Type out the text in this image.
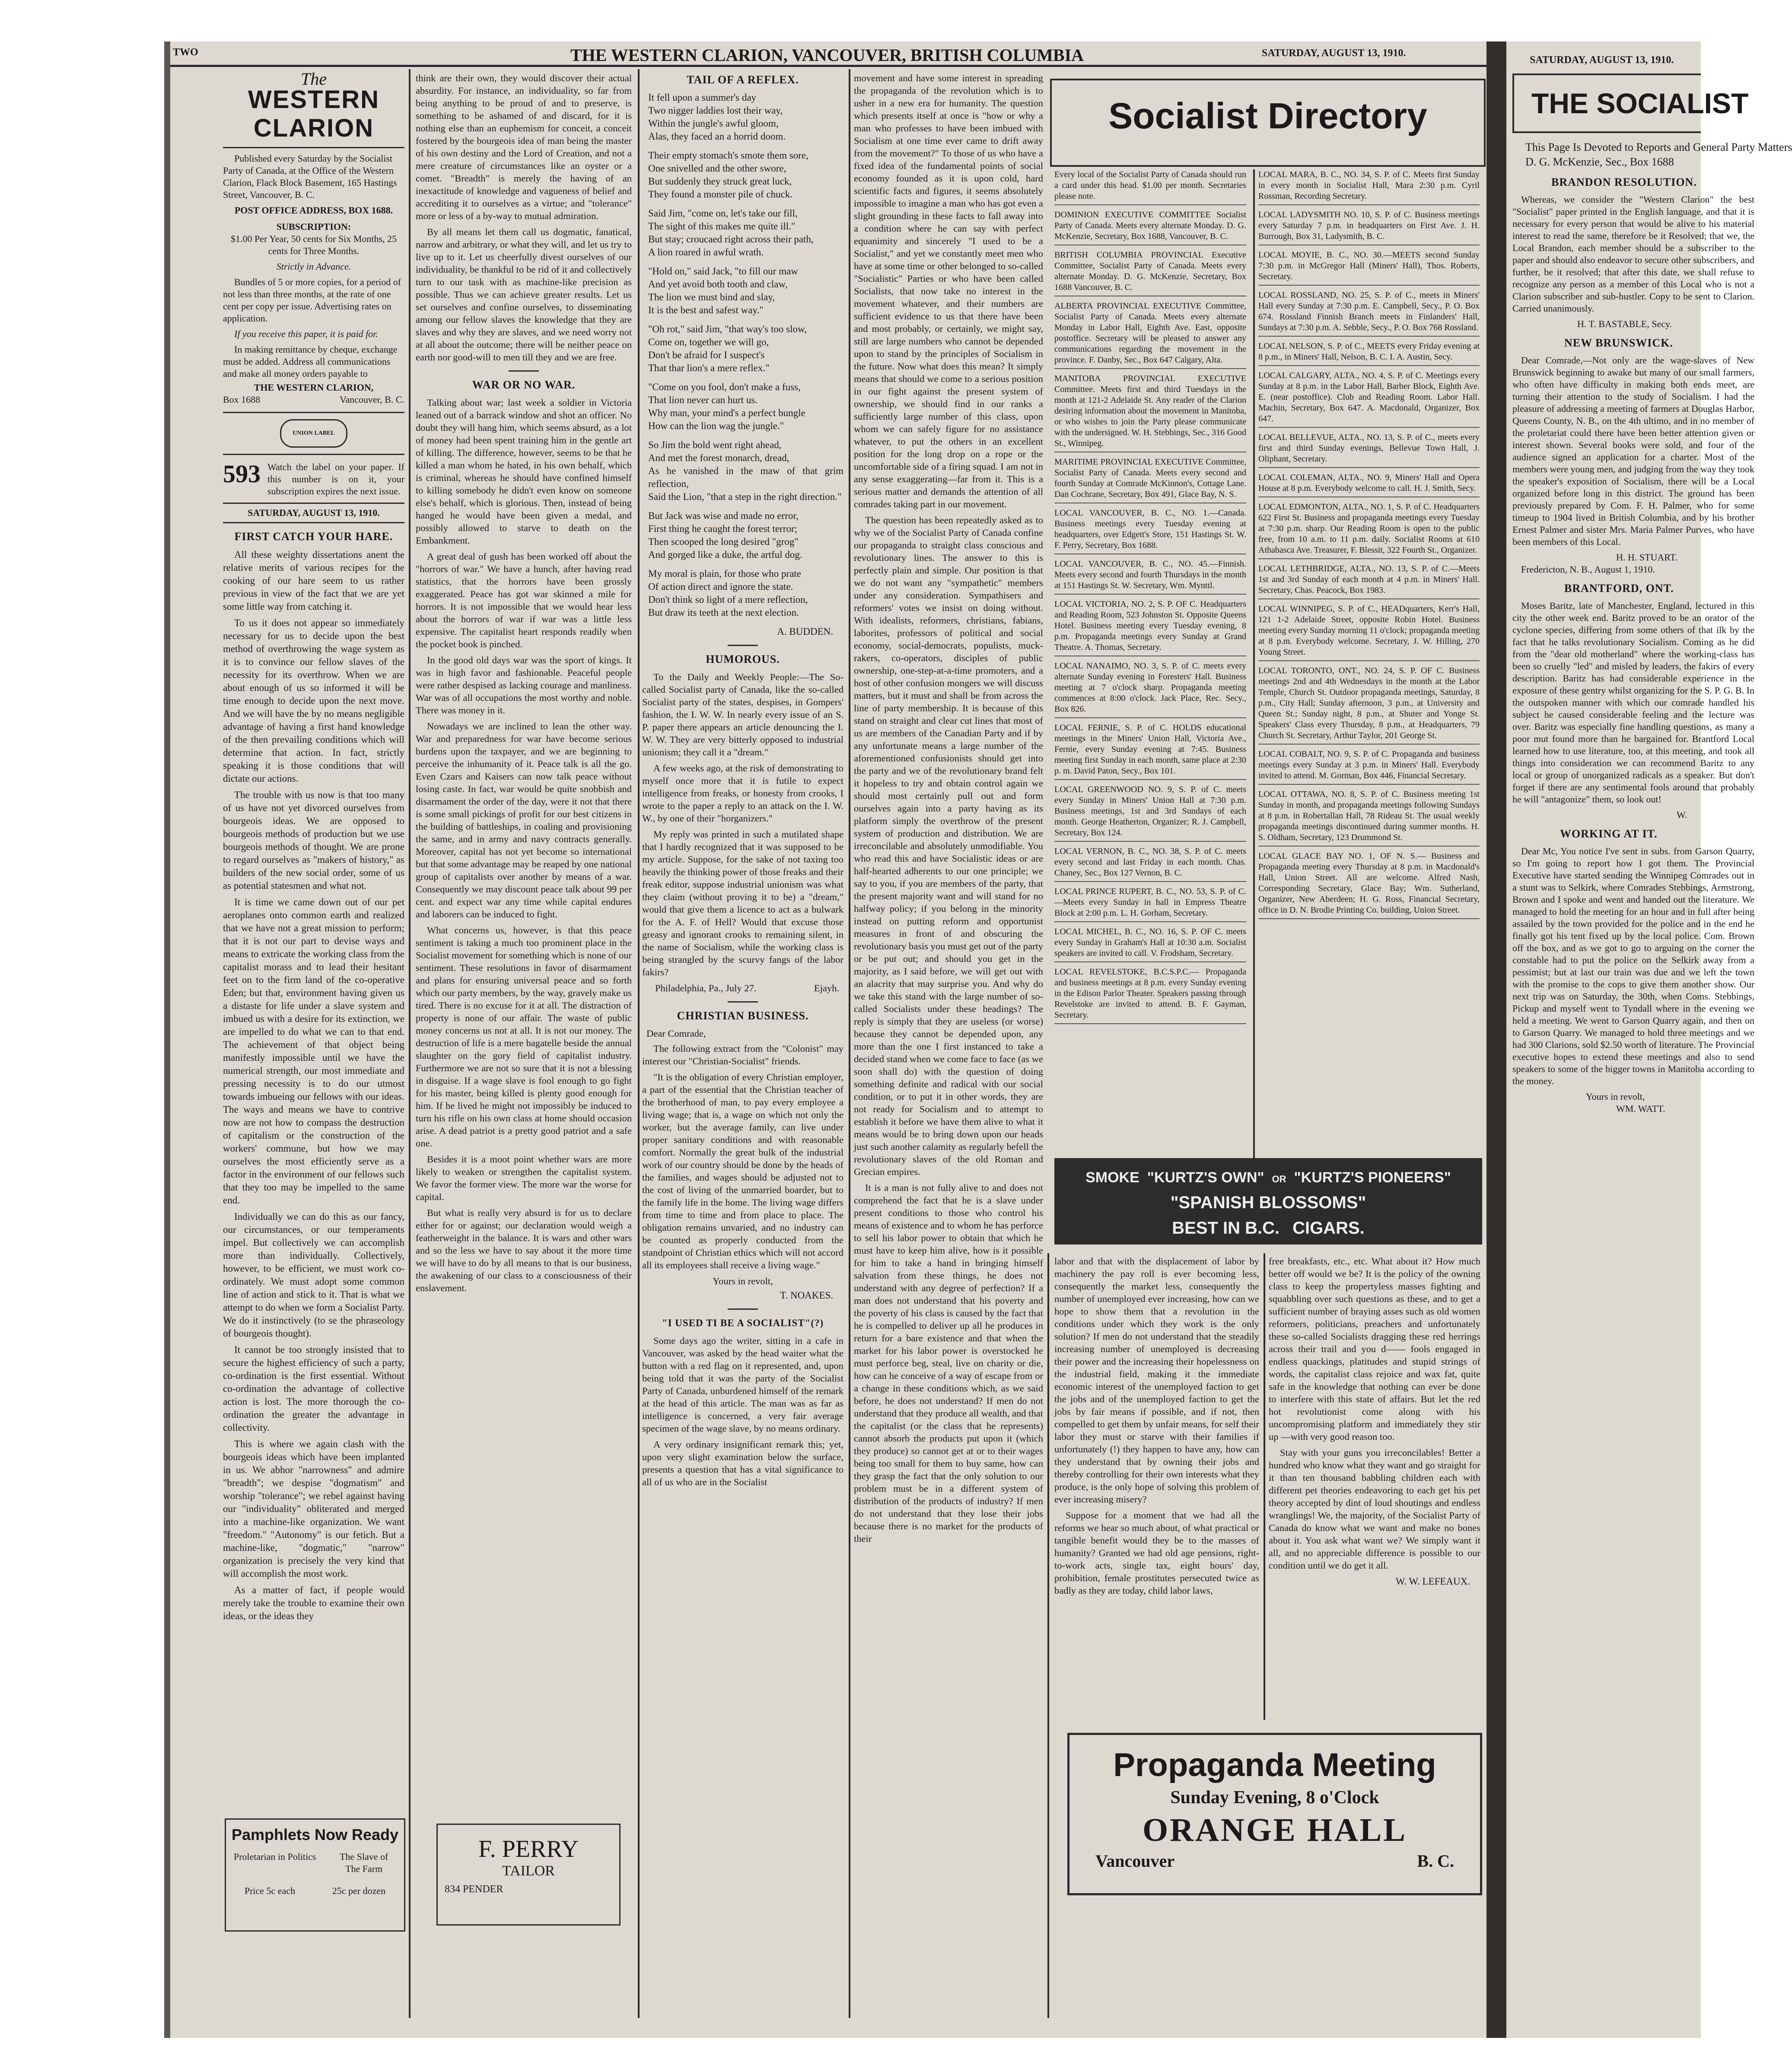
TWO	THE WESTERN CLARION, VANCOUVER, BRITISH COLUMBIA	SATURDAY, AUGUST 13, 1910.
SATURDAY, AUGUST 13, 1910.
The
WESTERN CLARION

Published every Saturday by the Socialist Party of Canada, at the Office of the Western Clarion, Flack Block Basement, 165 Hastings Street, Vancouver, B. C.

POST OFFICE ADDRESS, BOX 1688.
SUBSCRIPTION:
$1.00 Per Year, 50 cents for Six Months, 25 cents for Three Months.
Strictly in Advance.

Bundles of 5 or more copies, for a period of not less than three months, at the rate of one cent per copy per issue. Advertising rates on application.

If you receive this paper, it is paid for.

In making remittance by cheque, exchange must be added. Address all communications and make all money orders payable to

THE WESTERN CLARION,
Box 1688	Vancouver, B. C.
UNION LABEL
593 Watch the label on your paper. If this number is on it, your subscription expires the next issue.
SATURDAY, AUGUST 13, 1910.
FIRST CATCH YOUR HARE.

All these weighty dissertations anent the relative merits of various recipes for the cooking of our hare seem to us rather previous in view of the fact that we are yet some little way from catching it.

To us it does not appear so immediately necessary for us to decide upon the best method of overthrowing the wage system as it is to convince our fellow slaves of the necessity for its overthrow. When we are about enough of us so informed it will be time enough to decide upon the next move. And we will have the by no means negligible advantage of having a first hand knowledge of the then prevailing conditions which will determine that action. In fact, strictly speaking it is those conditions that will dictate our actions.

The trouble with us now is that too many of us have not yet divorced ourselves from bourgeois ideas. We are opposed to bourgeois methods of production but we use bourgeois methods of thought. We are prone to regard ourselves as "makers of history," as builders of the new social order, some of us as potential statesmen and what not.

It is time we came down out of our pet aeroplanes onto common earth and realized that we have not a great mission to perform; that it is not our part to devise ways and means to extricate the working class from the capitalist morass and to lead their hesitant feet on to the firm land of the co-operative Eden; but that, environment having given us a distaste for life under a slave system and imbued us with a desire for its extinction, we are impelled to do what we can to that end. The achievement of that object being manifestly impossible until we have the numerical strength, our most immediate and pressing necessity is to do our utmost towards imbueing our fellows with our ideas. The ways and means we have to contrive now are not how to compass the destruction of capitalism or the construction of the workers' commune, but how we may ourselves the most efficiently serve as a factor in the environment of our fellows such that they too may be impelled to the same end.

Individually we can do this as our fancy, our circumstances, or our temperaments impel. But collectively we can accomplish more than individually. Collectively, however, to be efficient, we must work co-ordinately. We must adopt some common line of action and stick to it. That is what we attempt to do when we form a Socialist Party. We do it instinctively (to se the phraseology of bourgeois thought).

It cannot be too strongly insisted that to secure the highest efficiency of such a party, co-ordination is the first essential. Without co-ordination the advantage of collective action is lost. The more thorough the co-ordination the greater the advantage in collectivity.

This is where we again clash with the bourgeois ideas which have been implanted in us. We abhor "narrowness" and admire "breadth"; we despise "dogmatism" and worship "tolerance"; we rebel against having our "individuality" obliterated and merged into a machine-like organization. We want "freedom." "Autonomy" is our fetich. But a machine-like, "dogmatic," "narrow" organization is precisely the very kind that will accomplish the most work.

As a matter of fact, if people would merely take the trouble to examine their own ideas, or the ideas they

Pamphlets Now Ready
Proletarian in Politics	The Slave of The Farm
Price 5c each	25c per dozen

think are their own, they would discover their actual absurdity. For instance, an individuality, so far from being anything to be proud of and to preserve, is something to be ashamed of and discard, for it is nothing else than an euphemism for conceit, a conceit fostered by the bourgeois idea of man being the master of his own destiny and the Lord of Creation, and not a mere creature of circumstances like an oyster or a comet. "Breadth" is merely the having of an inexactitude of knowledge and vagueness of belief and accrediting it to ourselves as a virtue; and "tolerance" more or less of a by-way to mutual admiration.

By all means let them call us dogmatic, fanatical, narrow and arbitrary, or what they will, and let us try to live up to it. Let us cheerfully divest ourselves of our individuality, be thankful to be rid of it and collectively turn to our task with as machine-like precision as possible. Thus we can achieve greater results. Let us set ourselves and confine ourselves, to disseminating among our fellow slaves the knowledge that they are slaves and why they are slaves, and we need worry not at all about the outcome; there will be neither peace on earth nor good-will to men till they and we are free.

WAR OR NO WAR.

Talking about war; last week a soldier in Victoria leaned out of a barrack window and shot an officer. No doubt they will hang him, which seems absurd, as a lot of money had been spent training him in the gentle art of killing. The difference, however, seems to be that he killed a man whom he hated, in his own behalf, which is criminal, whereas he should have confined himself to killing somebody he didn't even know on someone else's behalf, which is glorious. Then, instead of being hanged he would have been given a medal, and possibly allowed to starve to death on the Embankment.

A great deal of gush has been worked off about the "horrors of war." We have a hunch, after having read statistics, that the horrors have been grossly exaggerated. Peace has got war skinned a mile for horrors. It is not impossible that we would hear less about the horrors of war if war was a little less expensive. The capitalist heart responds readily when the pocket book is pinched.

In the good old days war was the sport of kings. It was in high favor and fashionable. Peaceful people were rather despised as lacking courage and manliness. War was of all occupations the most worthy and noble. There was money in it.

Nowadays we are inclined to lean the other way. War and preparedness for war have become serious burdens upon the taxpayer, and we are beginning to perceive the inhumanity of it. Peace talk is all the go. Even Czars and Kaisers can now talk peace without losing caste. In fact, war would be quite snobbish and disarmament the order of the day, were it not that there is some small pickings of profit for our best citizens in the building of battleships, in coaling and provisioning the same, and in army and navy contracts generally. Moreover, capital has not yet become so international but that some advantage may be reaped by one national group of capitalists over another by means of a war. Consequently we may discount peace talk about 99 per cent. and expect war any time while capital endures and laborers can be induced to fight.

What concerns us, however, is that this peace sentiment is taking a much too prominent place in the Socialist movement for something which is none of our sentiment. These resolutions in favor of disarmament and plans for ensuring universal peace and so forth which our party members, by the way, gravely make us tired. There is no excuse for it at all. The distraction of property is none of our affair. The waste of public money concerns us not at all. It is not our money. The destruction of life is a mere bagatelle beside the annual slaughter on the gory field of capitalist industry. Furthermore we are not so sure that it is not a blessing in disguise. If a wage slave is fool enough to go fight for his master, being killed is plenty good enough for him. If he lived he might not impossibly be induced to turn his rifle on his own class at home should occasion arise. A dead patriot is a pretty good patriot and a safe one.

Besides it is a moot point whether wars are more likely to weaken or strengthen the capitalist system. We favor the former view. The more war the worse for capital.

But what is really very absurd is for us to declare either for or against; our declaration would weigh a featherweight in the balance. It is wars and other wars and so the less we have to say about it the more time we will have to do by all means to that is our business, the awakening of our class to a consciousness of their enslavement.

F. PERRY
TAILOR
834 PENDER
TAIL OF A REFLEX.
It fell upon a summer's day
Two nigger laddies lost their way,
Within the jungle's awful gloom,
Alas, they faced an a horrid doom.
Their empty stomach's smote them sore,
One snivelled and the other swore,
But suddenly they struck great luck,
They found a monster pile of chuck.
Said Jim, "come on, let's take our fill,
The sight of this makes me quite ill."
But stay; croucaed right across their path,
A lion roared in awful wrath.
"Hold on," said Jack, "to fill our maw
And yet avoid both tooth and claw,
The lion we must bind and slay,
It is the best and safest way."
"Oh rot," said Jim, "that way's too slow,
Come on, together we will go,
Don't be afraid for I suspect's
That thar lion's a mere reflex."
"Come on you fool, don't make a fuss,
That lion never can hurt us.
Why man, your mind's a perfect bungle
How can the lion wag the jungle."
So Jim the bold went right ahead,
And met the forest monarch, dread,
As he vanished in the maw of that grim reflection,
Said the Lion, "that a step in the right direction."
But Jack was wise and made no error,
First thing he caught the forest terror;
Then scooped the long desired "grog"
And gorged like a duke, the artful dog.
My moral is plain, for those who prate
Of action direct and ignore the state.
Don't think so light of a mere reflection,
But draw its teeth at the next election.
A. BUDDEN.
HUMOROUS.

To the Daily and Weekly People:—The So-called Socialist party of Canada, like the so-called Socialist party of the states, despises, in Gompers' fashion, the I. W. W. In nearly every issue of an S. P. paper there appears an article denouncing the I. W. W. They are very bitterly opposed to industrial unionism; they call it a "dream."

A few weeks ago, at the risk of demonstrating to myself once more that it is futile to expect intelligence from freaks, or honesty from crooks, I wrote to the paper a reply to an attack on the I. W. W., by one of their "horganizers."

My reply was printed in such a mutilated shape that I hardly recognized that it was supposed to be my article. Suppose, for the sake of not taxing too heavily the thinking power of those freaks and their freak editor, suppose industrial unionism was what they claim (without proving it to be) a "dream," would that give them a licence to act as a bulwark for the A. F. of Hell? Would that excuse those greasy and ignorant crooks to remaining silent, in the name of Socialism, while the working class is being strangled by the scurvy fangs of the labor fakirs?

Philadelphia, Pa., July 27.	Ejayh.
CHRISTIAN BUSINESS.
Dear Comrade,

The following extract from the "Colonist" may interest our "Christian-Socialist" friends.

"It is the obligation of every Christian employer, a part of the essential that the Christian teacher of the brotherhood of man, to pay every employee a living wage; that is, a wage on which not only the worker, but the average family, can live under proper sanitary conditions and with reasonable comfort. Normally the great bulk of the industrial work of our country should be done by the heads of the families, and wages should be adjusted not to the cost of living of the unmarried boarder, but to the family life in the home. The living wage differs from time to time and from place to place. The obligation remains unvaried, and no industry can be counted as properly conducted from the standpoint of Christian ethics which will not accord all its employees shall receive a living wage."

Yours in revolt,
T. NOAKES.
"I USED TI BE A SOCIALIST"(?)

Some days ago the writer, sitting in a cafe in Vancouver, was asked by the head waiter what the button with a red flag on it represented, and, upon being told that it was the party of the Socialist Party of Canada, unburdened himself of the remark at the head of this article. The man was as far as intelligence is concerned, a very fair average specimen of the wage slave, by no means ordinary.

A very ordinary insignificant remark this; yet, upon very slight examination below the surface, presents a question that has a vital significance to all of us who are in the Socialist

movement and have some interest in spreading the propaganda of the revolution which is to usher in a new era for humanity. The question which presents itself at once is "how or why a man who professes to have been imbued with Socialism at one time ever came to drift away from the movement?" To those of us who have a fixed idea of the fundamental points of social economy founded as it is upon cold, hard scientific facts and figures, it seems absolutely impossible to imagine a man who has got even a slight grounding in these facts to fall away into a condition where he can say with perfect equanimity and sincerely "I used to be a Socialist," and yet we constantly meet men who have at some time or other belonged to so-called "Socialistic" Parties or who have been called Socialists, that now take no interest in the movement whatever, and their numbers are sufficient evidence to us that there have been and most probably, or certainly, we might say, still are large numbers who cannot be depended upon to stand by the principles of Socialism in the future. Now what does this mean? It simply means that should we come to a serious position in our fight against the present system of ownership, we should find in our ranks a sufficiently large number of this class, upon whom we can safely figure for no assistance whatever, to put the others in an excellent position for the long drop on a rope or the uncomfortable side of a firing squad. I am not in any sense exaggerating—far from it. This is a serious matter and demands the attention of all comrades taking part in our movement.

The question has been repeatedly asked as to why we of the Socialist Party of Canada confine our propaganda to straight class conscious and revolutionary lines. The answer to this is perfectly plain and simple. Our position is that we do not want any "sympathetic" members under any consideration. Sympathisers and reformers' votes we insist on doing without. With idealists, reformers, christians, fabians, laborites, professors of political and social economy, social-democrats, populists, muck-rakers, co-operators, disciples of public ownership, one-step-at-a-time promoters, and a host of other confusion mongers we will discuss matters, but it must and shall be from across the line of party membership. It is because of this stand on straight and clear cut lines that most of us are members of the Canadian Party and if by any unfortunate means a large number of the aforementioned confusionists should get into the party and we of the revolutionary brand felt it hopeless to try and obtain control again we should most certainly pull out and form ourselves again into a party having as its platform simply the overthrow of the present system of production and distribution. We are irreconcilable and absolutely unmodifiable. You who read this and have Socialistic ideas or are half-hearted adherents to our one principle; we say to you, if you are members of the party, that the present majority want and will stand for no halfway policy; if you belong in the minority instead on putting reform and opportunist measures in front of and obscuring the revolutionary basis you must get out of the party or be put out; and should you get in the majority, as I said before, we will get out with an alacrity that may surprise you. And why do we take this stand with the large number of so-called Socialists under these headings? The reply is simply that they are useless (or worse) because they cannot be depended upon, any more than the one I first instanced to take a decided stand when we come face to face (as we soon shall do) with the question of doing something definite and radical with our social condition, or to put it in other words, they are not ready for Socialism and to attempt to establish it before we have them alive to what it means would be to bring down upon our heads just such another calamity as regularly befell the revolutionary slaves of the old Roman and Grecian empires.

It is a man is not fully alive to and does not comprehend the fact that he is a slave under present conditions to those who control his means of existence and to whom he has perforce to sell his labor power to obtain that which he must have to keep him alive, how is it possible for him to take a hand in bringing himself salvation from these things, he does not understand with any degree of perfection? If a man does not understand that his poverty and the poverty of his class is caused by the fact that he is compelled to deliver up all he produces in return for a bare existence and that when the market for his labor power is overstocked he must perforce beg, steal, live on charity or die, how can he conceive of a way of escape from or a change in these conditions which, as we said before, he does not understand? If men do not understand that they produce all wealth, and that the capitalist (or the class that he represents) cannot absorb the products put upon it (which they produce) so cannot get at or to their wages being too small for them to buy same, how can they grasp the fact that the only solution to our problem must be in a different system of distribution of the products of industry? If men do not understand that they lose their jobs because there is no market for the products of their

Socialist Directory
Every local of the Socialist Party of Canada should run a card under this head. $1.00 per month. Secretaries please note.
DOMINION EXECUTIVE COMMITTEE Socialist Party of Canada. Meets every alternate Monday. D. G. McKenzie, Secretary, Box 1688, Vancouver, B. C.
BRITISH COLUMBIA PROVINCIAL Executive Committee, Socialist Party of Canada. Meets every alternate Monday. D. G. McKenzie, Secretary, Box 1688 Vancouver, B. C.
ALBERTA PROVINCIAL EXECUTIVE Committee, Socialist Party of Canada. Meets every alternate Monday in Labor Hall, Eighth Ave. East, opposite postoffice. Secretary will be pleased to answer any communications regarding the movement in the province. F. Danby, Sec., Box 647 Calgary, Alta.
MANITOBA PROVINCIAL EXECUTIVE Committee. Meets first and third Tuesdays in the month at 121-2 Adelaide St. Any reader of the Clarion desiring information about the movement in Manitoba, or who wishes to join the Party please communicate with the undersigned. W. H. Stebbings, Sec., 316 Good St., Winnipeg.
MARITIME PROVINCIAL EXECUTIVE Committee, Socialist Party of Canada. Meets every second and fourth Sunday at Comrade McKinnon's, Cottage Lane. Dan Cochrane, Secretary, Box 491, Glace Bay, N. S.
LOCAL VANCOUVER, B. C., NO. 1.—Canada. Business meetings every Tuesday evening at headquarters, over Edgett's Store, 151 Hastings St. W. F. Perry, Secretary, Box 1688.
LOCAL VANCOUVER, B. C., NO. 45.—Finnish. Meets every second and fourth Thursdays in the month at 151 Hastings St. W. Secretary, Wm. Mynttl.
LOCAL VICTORIA, NO. 2, S. P. OF C. Headquarters and Reading Room, 523 Johnston St. Opposite Queens Hotel. Business meeting every Tuesday evening, 8 p.m. Propaganda meetings every Sunday at Grand Theatre. A. Thomas, Secretary.
LOCAL NANAIMO, NO. 3, S. P. of C. meets every alternate Sunday evening in Foresters' Hall. Business meeting at 7 o'clock sharp. Propaganda meeting commences at 8:00 o'clock. Jack Place, Rec. Secy., Box 826.
LOCAL FERNIE, S. P. of C. HOLDS educational meetings in the Miners' Union Hall, Victoria Ave., Fernie, every Sunday evening at 7:45. Business meeting first Sunday in each month, same place at 2:30 p. m. David Paton, Secy., Box 101.
LOCAL GREENWOOD NO. 9, S. P. of C. meets every Sunday in Miners' Union Hall at 7:30 p.m. Business meetings, 1st and 3rd Sundays of each month. George Heatherton, Organizer; R. J. Campbell, Secretary, Box 124.
LOCAL VERNON, B. C., NO. 38, S. P. of C. meets every second and last Friday in each month. Chas. Chaney, Sec., Box 127 Vernon, B. C.
LOCAL PRINCE RUPERT, B. C., NO. 53, S. P. of C.—Meets every Sunday in hall in Empress Theatre Block at 2:00 p.m. L. H. Gorham, Secretary.
LOCAL MICHEL, B. C., NO. 16, S. P. OF C. meets every Sunday in Graham's Hall at 10:30 a.m. Socialist speakers are invited to call. V. Frodsham, Secretary.
LOCAL REVELSTOKE, B.C.S.P.C.— Propaganda and business meetings at 8 p.m. every Sunday evening in the Edison Parlor Theater. Speakers passing through Revelstoke are invited to attend. B. F. Gayman, Secretary.
LOCAL MARA, B. C., NO. 34, S. P. of C. Meets first Sunday in every month in Socialist Hall, Mara 2:30 p.m. Cyril Rossman, Recording Secretary.
LOCAL LADYSMITH NO. 10, S. P. of C. Business meetings every Saturday 7 p.m. in headquarters on First Ave. J. H. Burrough, Box 31, Ladysmith, B. C.
LOCAL MOYIE, B. C., NO. 30.—MEETS second Sunday 7:30 p.m. in McGregor Hall (Miners' Hall), Thos. Roberts, Secretary.
LOCAL ROSSLAND, NO. 25, S. P. of C., meets in Miners' Hall every Sunday at 7:30 p.m. E. Campbell, Secy., P. O. Box 674. Rossland Finnish Branch meets in Finlanders' Hall, Sundays at 7:30 p.m. A. Sebble, Secy., P. O. Box 768 Rossland.
LOCAL NELSON, S. P. of C., MEETS every Friday evening at 8 p.m., in Miners' Hall, Nelson, B. C. I. A. Austin, Secy.
LOCAL CALGARY, ALTA., NO. 4, S. P. of C. Meetings every Sunday at 8 p.m. in the Labor Hall, Barber Block, Eighth Ave. E. (near postoffice). Club and Reading Room. Labor Hall. Machin, Secretary, Box 647. A. Macdonald, Organizer, Box 647.
LOCAL BELLEVUE, ALTA., NO. 13, S. P. of C., meets every first and third Sunday evenings, Bellevue Town Hall, J. Oliphant, Secretary.
LOCAL COLEMAN, ALTA., NO. 9, Miners' Hall and Opera House at 8 p.m. Everybody welcome to call. H. J. Smith, Secy.
LOCAL EDMONTON, ALTA., NO. 1, S. P. of C. Headquarters 622 First St. Business and propaganda meetings every Tuesday at 7:30 p.m. sharp. Our Reading Room is open to the public free, from 10 a.m. to 11 p.m. daily. Socialist Rooms at 610 Athabasca Ave. Treasurer, F. Blessit, 322 Fourth St., Organizer.
LOCAL LETHBRIDGE, ALTA., NO. 13, S. P. of C.—Meets 1st and 3rd Sunday of each month at 4 p.m. in Miners' Hall. Secretary, Chas. Peacock, Box 1983.
LOCAL WINNIPEG, S. P. of C., HEADquarters, Kerr's Hall, 121 1-2 Adelaide Street, opposite Robin Hotel. Business meeting every Sunday morning 11 o'clock; propaganda meeting at 8 p.m. Everybody welcome. Secretary, J. W. Hilling, 270 Young Street.
LOCAL TORONTO, ONT., NO. 24, S. P. OF C. Business meetings 2nd and 4th Wednesdays in the month at the Labor Temple, Church St. Outdoor propaganda meetings, Saturday, 8 p.m., City Hall; Sunday afternoon, 3 p.m., at University and Queen St.; Sunday night, 8 p.m., at Shuter and Yonge St. Speakers' Class every Thursday, 8 p.m., at Headquarters, 79 Church St. Secretary, Arthur Taylor, 201 George St.
LOCAL COBALT, NO. 9, S. P. of C. Propaganda and business meetings every Sunday at 3 p.m. in Miners' Hall. Everybody invited to attend. M. Gorman, Box 446, Financial Secretary.
LOCAL OTTAWA, NO. 8, S. P. of C. Business meeting 1st Sunday in month, and propaganda meetings following Sundays at 8 p.m. in Robertallan Hall, 78 Rideau St. The usual weekly propaganda meetings discontinued during summer months. H. S. Oldham, Secretary, 123 Drummond St.
LOCAL GLACE BAY NO. 1, OF N. S.— Business and Propaganda meeting every Thursday at 8 p.m. in Macdonald's Hall, Union Street. All are welcome. Alfred Nash, Corresponding Secretary, Glace Bay; Wm. Sutherland, Organizer, New Aberdeen; H. G. Ross, Financial Secretary, office in D. N. Brodie Printing Co. building, Union Street.
SMOKE "KURTZ'S OWN" OR "KURTZ'S PIONEERS"
"SPANISH BLOSSOMS"
BEST IN B.C. CIGARS.

labor and that with the displacement of labor by machinery the pay roll is ever becoming less, consequently the market less, consequently the number of unemployed ever increasing, how can we hope to show them that a revolution in the conditions under which they work is the only solution? If men do not understand that the steadily increasing number of unemployed is decreasing their power and the increasing their hopelessness on the industrial field, making it the immediate economic interest of the unemployed faction to get the jobs and of the unemployed faction to get the jobs by fair means if possible, and if not, then compelled to get them by unfair means, for self their labor they must or starve with their families if unfortunately (!) they happen to have any, how can they understand that by owning their jobs and thereby controlling for their own interests what they produce, is the only hope of solving this problem of ever increasing misery?

Suppose for a moment that we had all the reforms we hear so much about, of what practical or tangible benefit would they be to the masses of humanity? Granted we had old age pensions, right-to-work acts, single tax, eight hours' day, prohibition, female prostitutes persecuted twice as badly as they are today, child labor laws,

free breakfasts, etc., etc. What about it? How much better off would we be? It is the policy of the owning class to keep the propertyless masses fighting and squabbling over such questions as these, and to get a sufficient number of braying asses such as old women reformers, politicians, preachers and unfortunately these so-called Socialists dragging these red herrings across their trail and you d—— fools engaged in endless quackings, platitudes and stupid strings of words, the capitalist class rejoice and wax fat, quite safe in the knowledge that nothing can ever be done to interfere with this state of affairs. But let the red hot revolutionist come along with his uncompromising platform and immediately they stir up —with very good reason too.

Stay with your guns you irreconcilables! Better a hundred who know what they want and go straight for it than ten thousand babbling children each with different pet theories endeavoring to each get his pet theory accepted by dint of loud shoutings and endless wranglings! We, the majority, of the Socialist Party of Canada do know what we want and make no bones about it. You ask what want we? We simply want it all, and no appreciable difference is possible to our condition until we do get it all.

W. W. LEFEAUX.
Propaganda Meeting
Sunday Evening, 8 o'Clock
ORANGE HALL
Vancouver	B. C.
THE SOCIALIST
This Page Is Devoted to Reports and General Party Matters
D. G. McKenzie, Sec., Box 1688
BRANDON RESOLUTION.

Whereas, we consider the "Western Clarion" the best "Socialist" paper printed in the English language, and that it is necessary for every person that would be alive to his material interest to read the same, therefore be it Resolved; that we, the Local Brandon, each member should be a subscriber to the paper and should also endeavor to secure other subscribers, and further, be it resolved; that after this date, we shall refuse to recognize any person as a member of this Local who is not a Clarion subscriber and sub-hustler. Copy to be sent to Clarion. Carried unanimously.

H. T. BASTABLE, Secy.
NEW BRUNSWICK.

Dear Comrade,—Not only are the wage-slaves of New Brunswick beginning to awake but many of our small farmers, who often have difficulty in making both ends meet, are turning their attention to the study of Socialism. I had the pleasure of addressing a meeting of farmers at Douglas Harbor, Queens County, N. B., on the 4th ultimo, and in no member of the proletariat could there have been better attention given or interest shown. Several books were sold, and four of the audience signed an application for a charter. Most of the members were young men, and judging from the way they took the speaker's exposition of Socialism, there will be a Local organized before long in this district. The ground has been previously prepared by Com. F. H. Palmer, who for some timeup to 1904 lived in British Columbia, and by his brother Ernest Palmer and sister Mrs. Maria Palmer Purves, who have been members of this Local.

H. H. STUART.
Fredericton, N. B., August 1, 1910.
BRANTFORD, ONT.

Moses Baritz, late of Manchester, England, lectured in this city the other week end. Baritz proved to be an orator of the cyclone species, differing from some others of that ilk by the fact that he talks revolutionary Socialism. Coming as he did from the "dear old motherland" where the working-class has been so cruelly "led" and misled by leaders, the fakirs of every description. Baritz has had considerable experience in the exposure of these gentry whilst organizing for the S. P. G. B. In the outspoken manner with which our comrade handled his subject he caused considerable feeling and the lecture was over. Baritz was especially fine handling questions, as many a poor mut found more than he bargained for. Brantford Local learned how to use literature, too, at this meeting, and took all things into consideration we can recommend Baritz to any local or group of unorganized radicals as a speaker. But don't forget if there are any sentimental fools around that probably he will "antagonize" them, so look out!

W.
WORKING AT IT.

Dear Mc, You notice I've sent in subs. from Garson Quarry, so I'm going to report how I got them. The Provincial Executive have started sending the Winnipeg Comrades out in a stunt was to Selkirk, where Comrades Stebbings, Armstrong, Brown and I spoke and went and handed out the literature. We managed to hold the meeting for an hour and in full after being assailed by the town provided for the police and in the end he finally got his tent fixed up by the local police. Com. Brown off the box, and as we got to go to arguing on the corner the constable had to put the police on the Selkirk away from a pessimist; but at last our train was due and we left the town with the promise to the cops to give them another show. Our next trip was on Saturday, the 30th, when Coms. Stebbings, Pickup and myself went to Tyndall where in the evening we held a meeting. We went to Garson Quarry again, and then on to Garson Quarry. We managed to hold three meetings and we had 300 Clarions, sold $2.50 worth of literature. The Provincial executive hopes to extend these meetings and also to send speakers to some of the bigger towns in Manitoba according to the money.

Yours in revolt,
WM. WATT.
